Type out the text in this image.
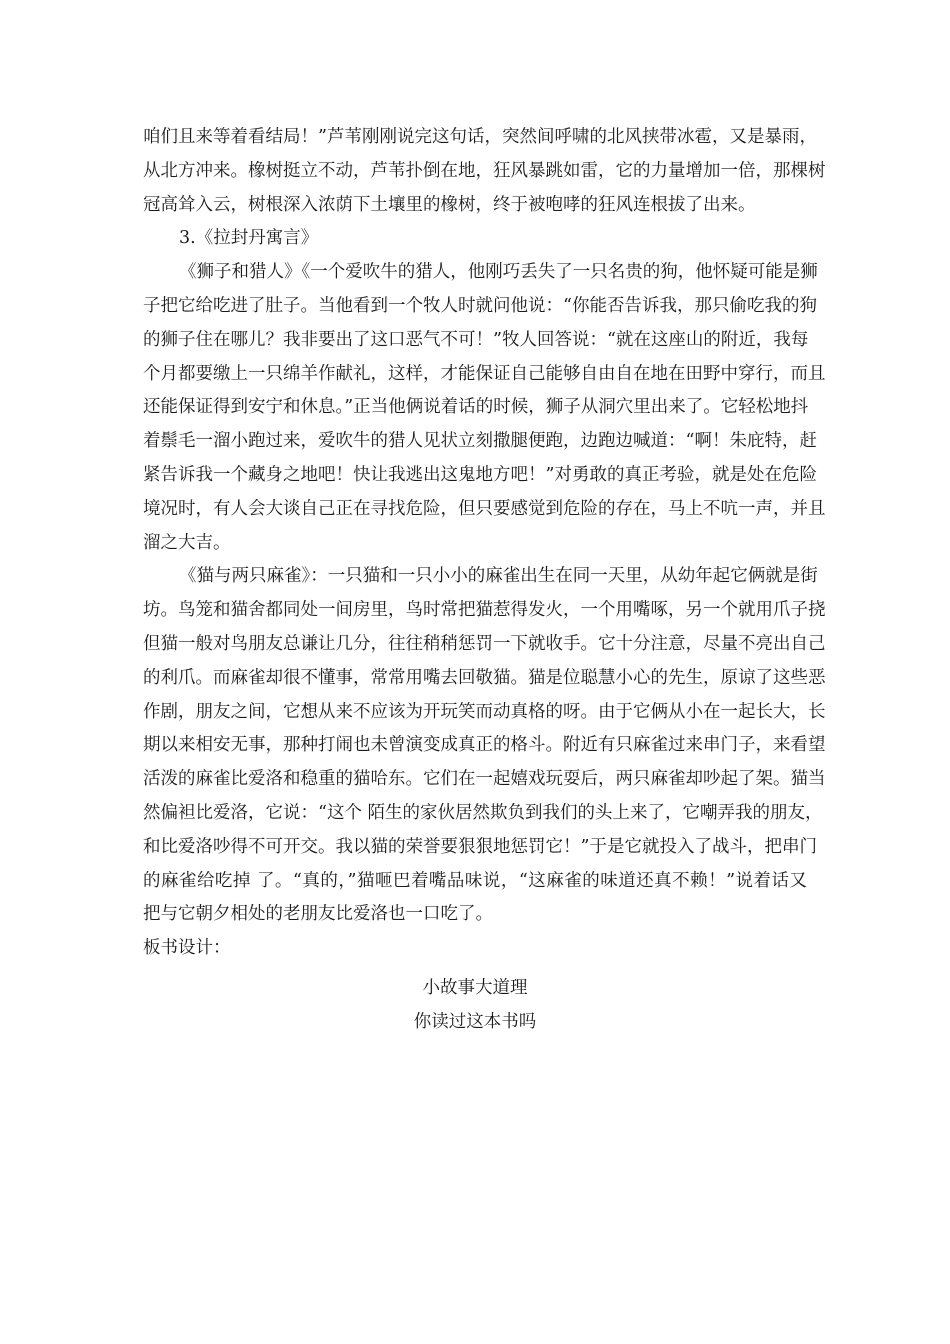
咱们且来等着看结局！”芦苇刚刚说完这句话，突然间呼啸的北风挟带冰雹，又是暴雨，
从北方冲来。橡树挺立不动，芦苇扑倒在地，狂风暴跳如雷，它的力量增加一倍，那棵树
冠高耸入云，树根深入浓荫下土壤里的橡树，终于被咆哮的狂风连根拔了出来。
3.《拉封丹寓言》
《狮子和猎人》《一个爱吹牛的猎人，他刚巧丢失了一只名贵的狗，他怀疑可能是狮
子把它给吃进了肚子。当他看到一个牧人时就问他说：“你能否告诉我，那只偷吃我的狗
的狮子住在哪儿？我非要出了这口恶气不可！”牧人回答说：“就在这座山的附近，我每
个月都要缴上一只绵羊作献礼，这样，才能保证自己能够自由自在地在田野中穿行，而且
还能保证得到安宁和休息。”正当他俩说着话的时候，狮子从洞穴里出来了。它轻松地抖
着鬃毛一溜小跑过来，爱吹牛的猎人见状立刻撒腿便跑，边跑边喊道：“啊！朱庇特，赶
紧告诉我一个藏身之地吧！快让我逃出这鬼地方吧！”对勇敢的真正考验，就是处在危险
境况时，有人会大谈自己正在寻找危险，但只要感觉到危险的存在，马上不吭一声，并且
溜之大吉。
《猫与两只麻雀》：一只猫和一只小小的麻雀出生在同一天里，从幼年起它俩就是街
坊。鸟笼和猫舍都同处一间房里，鸟时常把猫惹得发火，一个用嘴啄，另一个就用爪子挠
但猫一般对鸟朋友总谦让几分，往往稍稍惩罚一下就收手。它十分注意，尽量不亮出自己
的利爪。而麻雀却很不懂事，常常用嘴去回敬猫。猫是位聪慧小心的先生，原谅了这些恶
作剧，朋友之间，它想从来不应该为开玩笑而动真格的呀。由于它俩从小在一起长大，长
期以来相安无事，那种打闹也未曾演变成真正的格斗。附近有只麻雀过来串门子，来看望
活泼的麻雀比爱洛和稳重的猫哈东。它们在一起嬉戏玩耍后，两只麻雀却吵起了架。猫当
然偏袒比爱洛，它说：“这个 陌生的家伙居然欺负到我们的头上来了，它嘲弄我的朋友，
和比爱洛吵得不可开交。我以猫的荣誉要狠狠地惩罚它！”于是它就投入了战斗，把串门
的麻雀给吃掉 了。“真的，”猫咂巴着嘴品味说，“这麻雀的味道还真不赖！”说着话又
把与它朝夕相处的老朋友比爱洛也一口吃了。
板书设计：
小故事大道理
你读过这本书吗
